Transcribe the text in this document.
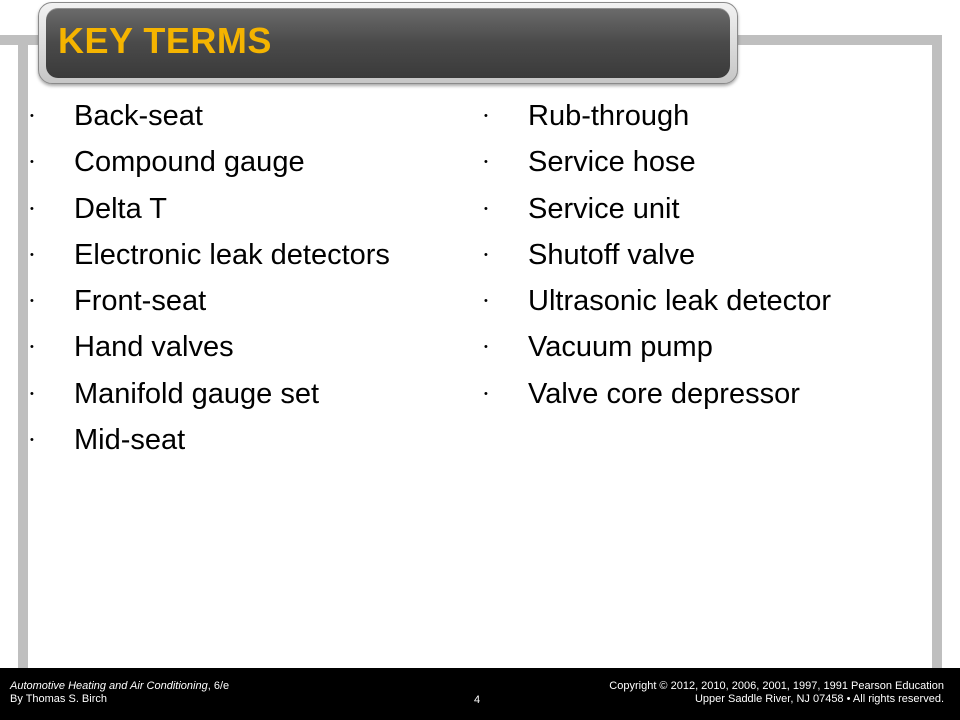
KEY TERMS
• Back-seat
• Compound gauge
• Delta T
• Electronic leak detectors
• Front-seat
• Hand valves
• Manifold gauge set
• Mid-seat
• Rub-through
• Service hose
• Service unit
• Shutoff valve
• Ultrasonic leak detector
• Vacuum pump
• Valve core depressor
Automotive Heating and Air Conditioning, 6/e
By Thomas S. Birch	4
Copyright © 2012, 2010, 2006, 2001, 1997, 1991 Pearson Education
Upper Saddle River, NJ 07458 • All rights reserved.
